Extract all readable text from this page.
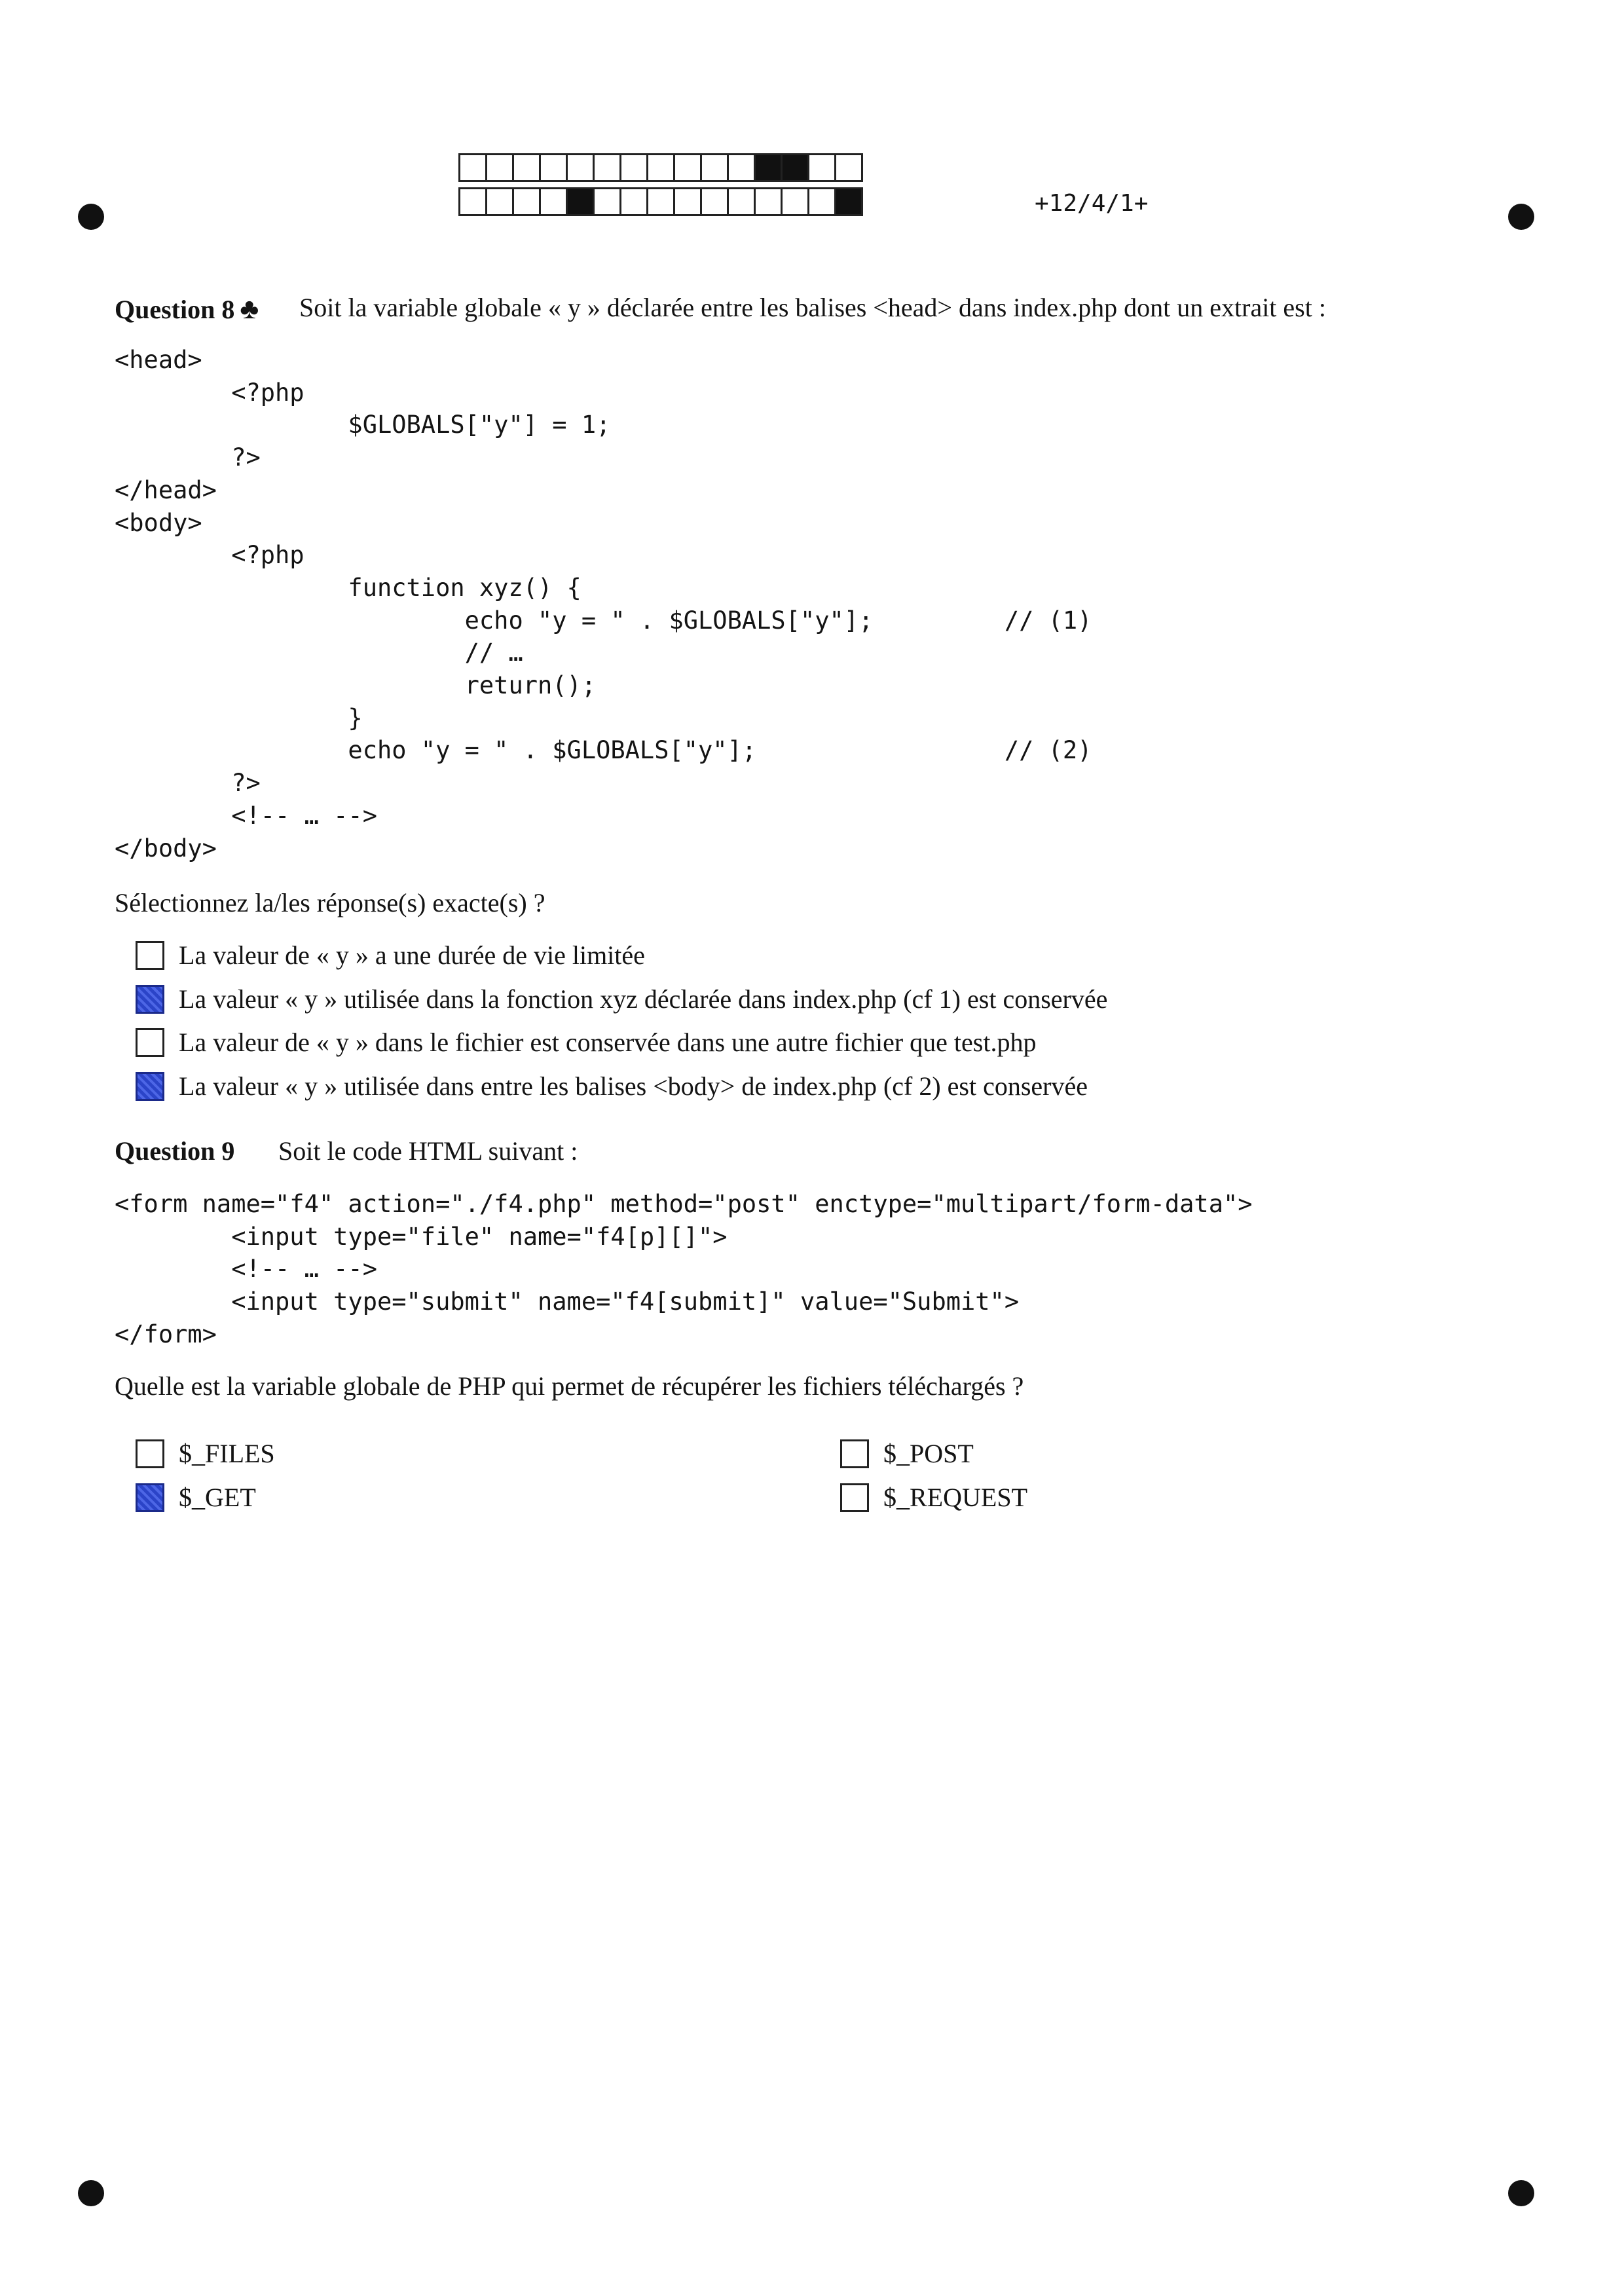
+12/4/1+
Question 8 ♣ Soit la variable globale « y » déclarée entre les balises <head> dans index.php dont un extrait est :
<head>
<?php
$GLOBALS["y"] = 1;
?>
</head>
<body>
<?php
function xyz() {
echo "y = " . $GLOBALS["y"];         // (1)
// …
return();
}
echo "y = " . $GLOBALS["y"];                 // (2)
?>
<!-- … -->
</body>
Sélectionnez la/les réponse(s) exacte(s) ?
La valeur de « y » a une durée de vie limitée
La valeur « y » utilisée dans la fonction xyz déclarée dans index.php (cf 1) est conservée
La valeur de « y » dans le fichier est conservée dans une autre fichier que test.php
La valeur « y » utilisée dans entre les balises <body> de index.php (cf 2) est conservée
Question 9 Soit le code HTML suivant :
<form name="f4" action="./f4.php" method="post" enctype="multipart/form-data">
<input type="file" name="f4[p][]">
<!-- … -->
<input type="submit" name="f4[submit]" value="Submit">
</form>
Quelle est la variable globale de PHP qui permet de récupérer les fichiers téléchargés ?
$_FILES
$_GET
$_POST
$_REQUEST
